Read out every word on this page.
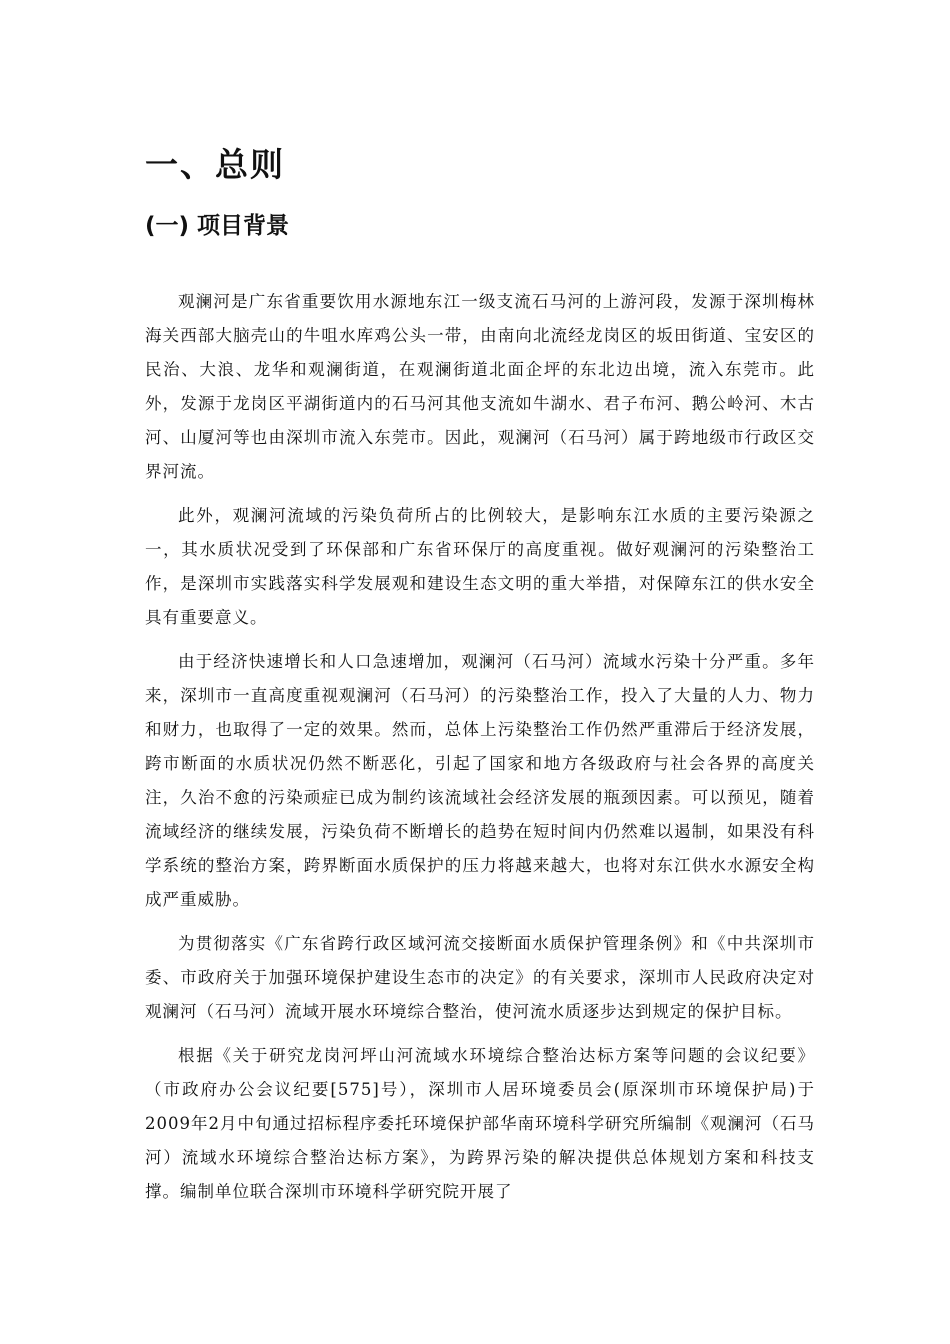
一、总则
(一) 项目背景

观澜河是广东省重要饮用水源地东江一级支流石马河的上游河段，发源于深圳梅林海关西部大脑壳山的牛咀水库鸡公头一带，由南向北流经龙岗区的坂田街道、宝安区的民治、大浪、龙华和观澜街道，在观澜街道北面企坪的东北边出境，流入东莞市。此外，发源于龙岗区平湖街道内的石马河其他支流如牛湖水、君子布河、鹅公岭河、木古河、山厦河等也由深圳市流入东莞市。因此，观澜河（石马河）属于跨地级市行政区交界河流。

此外，观澜河流域的污染负荷所占的比例较大，是影响东江水质的主要污染源之一，其水质状况受到了环保部和广东省环保厅的高度重视。做好观澜河的污染整治工作，是深圳市实践落实科学发展观和建设生态文明的重大举措，对保障东江的供水安全具有重要意义。

由于经济快速增长和人口急速增加，观澜河（石马河）流域水污染十分严重。多年来，深圳市一直高度重视观澜河（石马河）的污染整治工作，投入了大量的人力、物力和财力，也取得了一定的效果。然而，总体上污染整治工作仍然严重滞后于经济发展，跨市断面的水质状况仍然不断恶化，引起了国家和地方各级政府与社会各界的高度关注，久治不愈的污染顽症已成为制约该流域社会经济发展的瓶颈因素。可以预见，随着流域经济的继续发展，污染负荷不断增长的趋势在短时间内仍然难以遏制，如果没有科学系统的整治方案，跨界断面水质保护的压力将越来越大，也将对东江供水水源安全构成严重威胁。

为贯彻落实《广东省跨行政区域河流交接断面水质保护管理条例》和《中共深圳市委、市政府关于加强环境保护建设生态市的决定》的有关要求，深圳市人民政府决定对观澜河（石马河）流域开展水环境综合整治，使河流水质逐步达到规定的保护目标。

根据《关于研究龙岗河坪山河流域水环境综合整治达标方案等问题的会议纪要》（市政府办公会议纪要[575]号），深圳市人居环境委员会(原深圳市环境保护局)于2009年2月中旬通过招标程序委托环境保护部华南环境科学研究所编制《观澜河（石马河）流域水环境综合整治达标方案》，为跨界污染的解决提供总体规划方案和科技支撑。编制单位联合深圳市环境科学研究院开展了
